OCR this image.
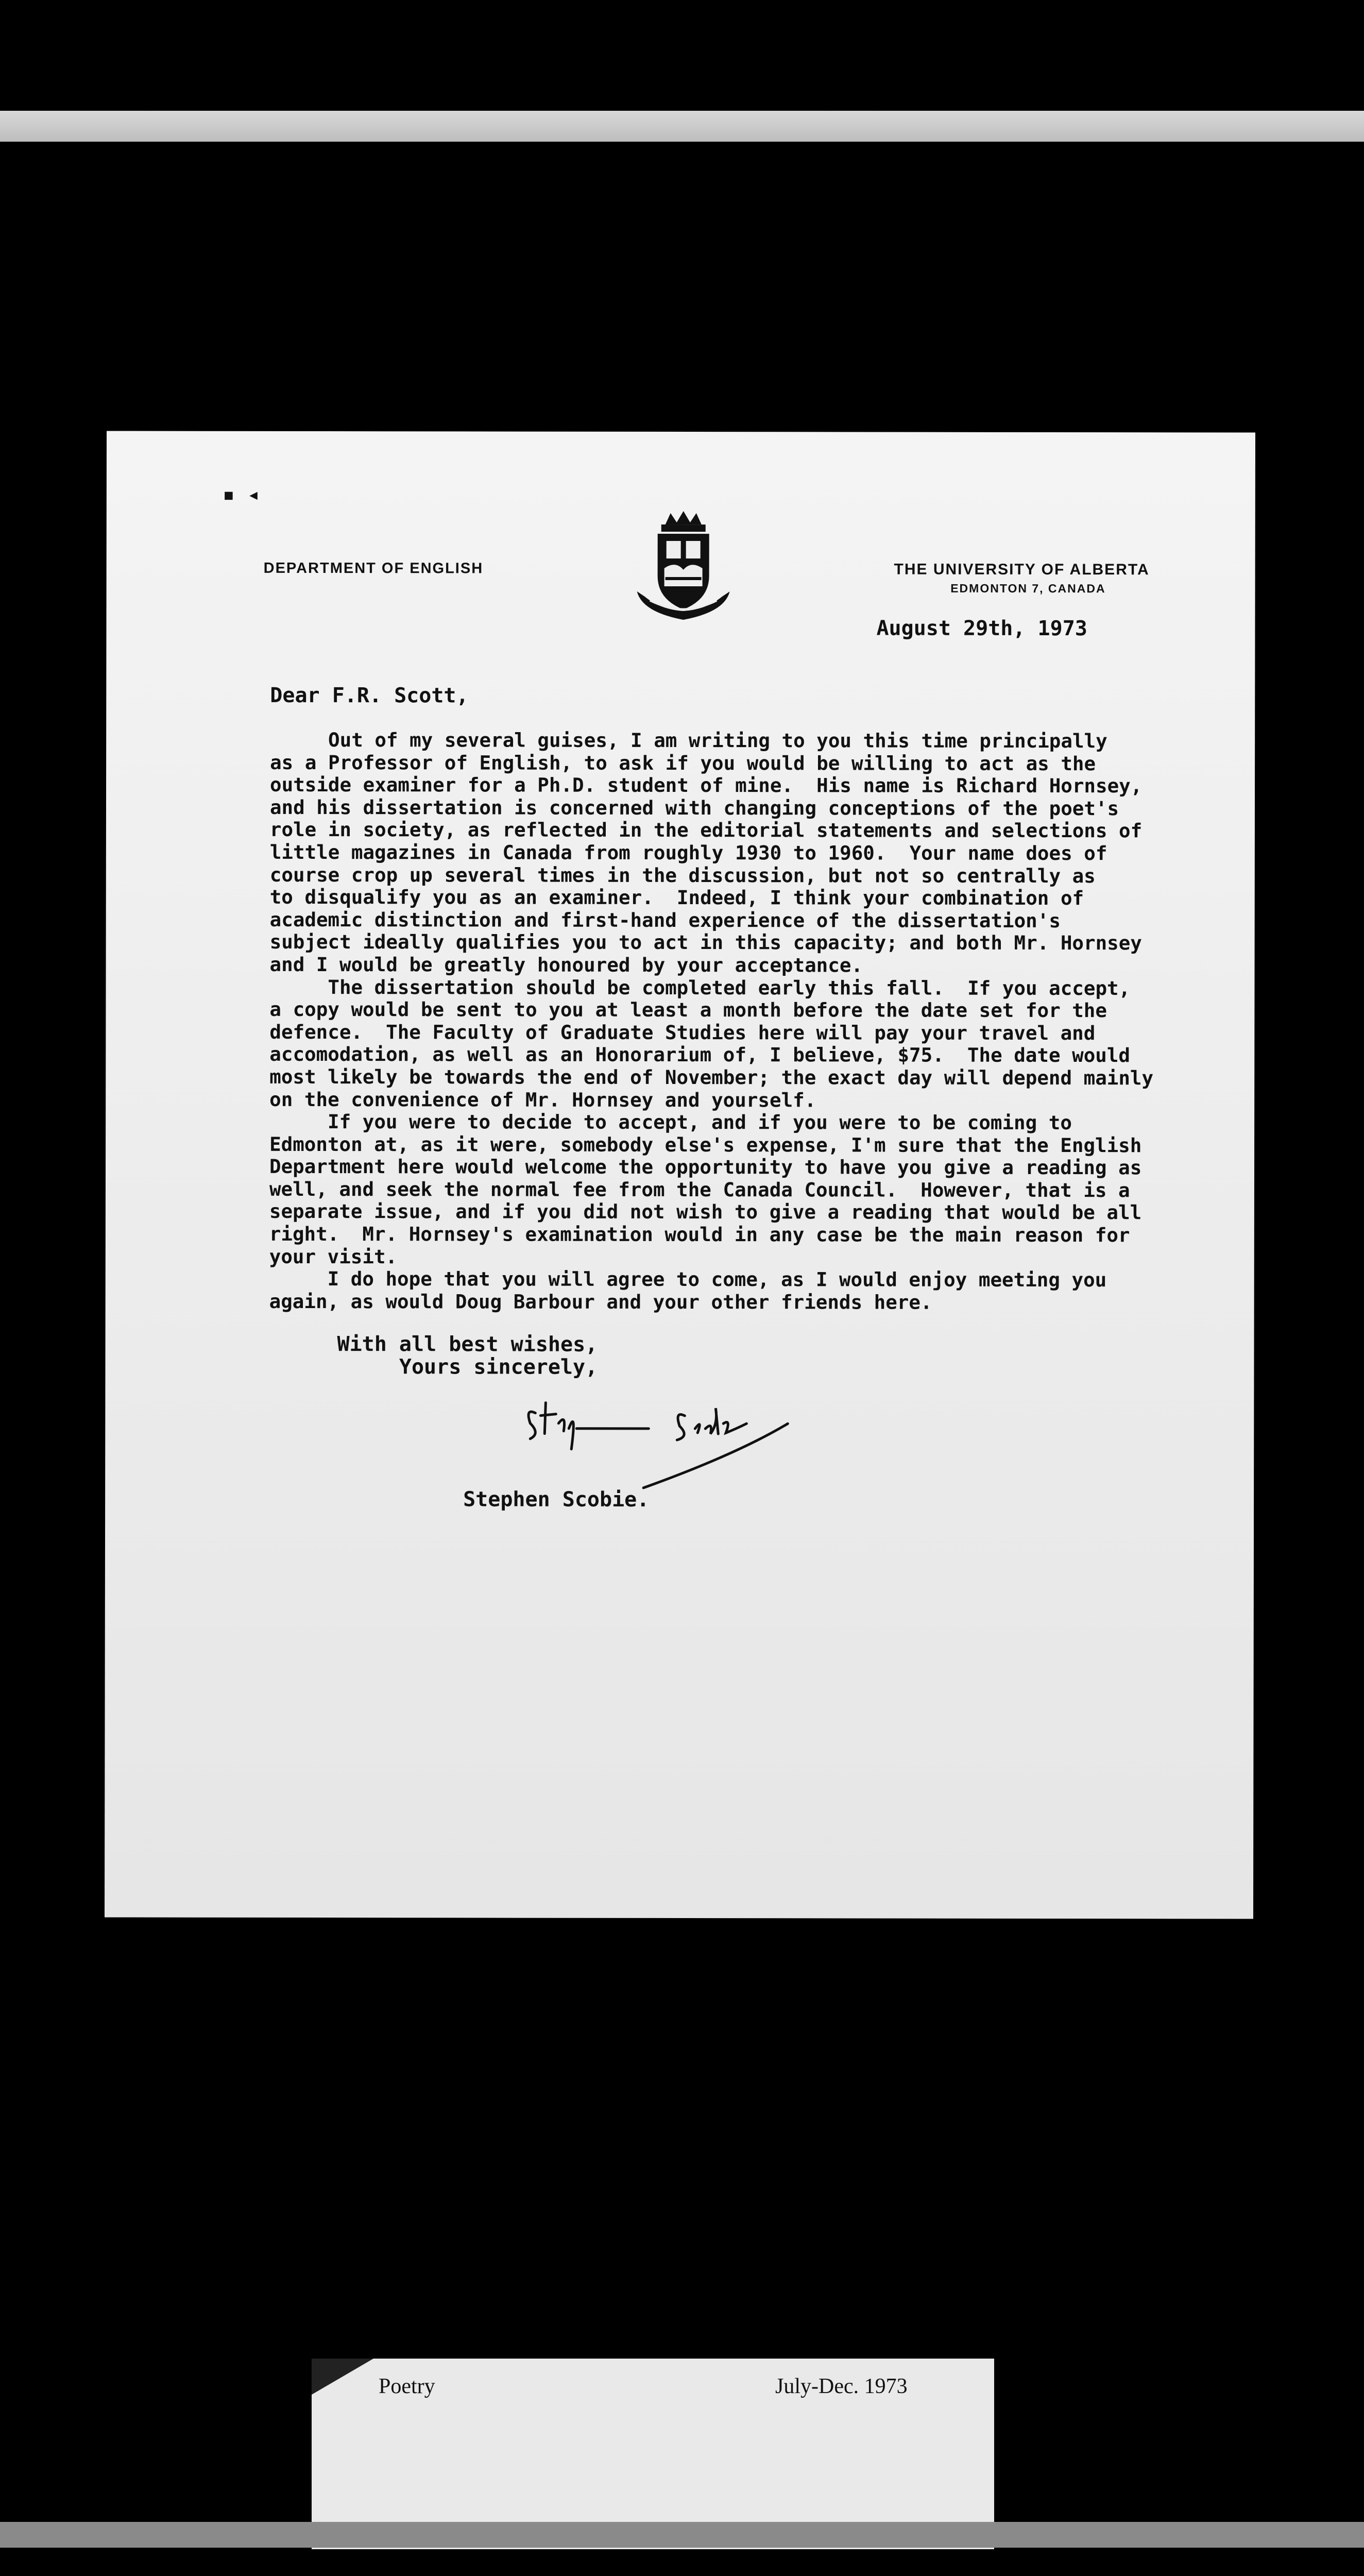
▪ ◂
DEPARTMENT OF ENGLISH	THE UNIVERSITY OF ALBERTA
EDMONTON 7, CANADA
August 29th, 1973
Dear F.R. Scott,
Out of my several guises, I am writing to you this time principally
as a Professor of English, to ask if you would be willing to act as the
outside examiner for a Ph.D. student of mine.  His name is Richard Hornsey,
and his dissertation is concerned with changing conceptions of the poet's
role in society, as reflected in the editorial statements and selections of
little magazines in Canada from roughly 1930 to 1960.  Your name does of
course crop up several times in the discussion, but not so centrally as
to disqualify you as an examiner.  Indeed, I think your combination of
academic distinction and first-hand experience of the dissertation's
subject ideally qualifies you to act in this capacity; and both Mr. Hornsey
and I would be greatly honoured by your acceptance.
The dissertation should be completed early this fall.  If you accept,
a copy would be sent to you at least a month before the date set for the
defence.  The Faculty of Graduate Studies here will pay your travel and
accomodation, as well as an Honorarium of, I believe, $75.  The date would
most likely be towards the end of November; the exact day will depend mainly
on the convenience of Mr. Hornsey and yourself.
If you were to decide to accept, and if you were to be coming to
Edmonton at, as it were, somebody else's expense, I'm sure that the English
Department here would welcome the opportunity to have you give a reading as
well, and seek the normal fee from the Canada Council.  However, that is a
separate issue, and if you did not wish to give a reading that would be all
right.  Mr. Hornsey's examination would in any case be the main reason for
your visit.
I do hope that you will agree to come, as I would enjoy meeting you
again, as would Doug Barbour and your other friends here.
With all best wishes,
Yours sincerely,
Stephen Scobie.
Poetry	July-Dec. 1973
